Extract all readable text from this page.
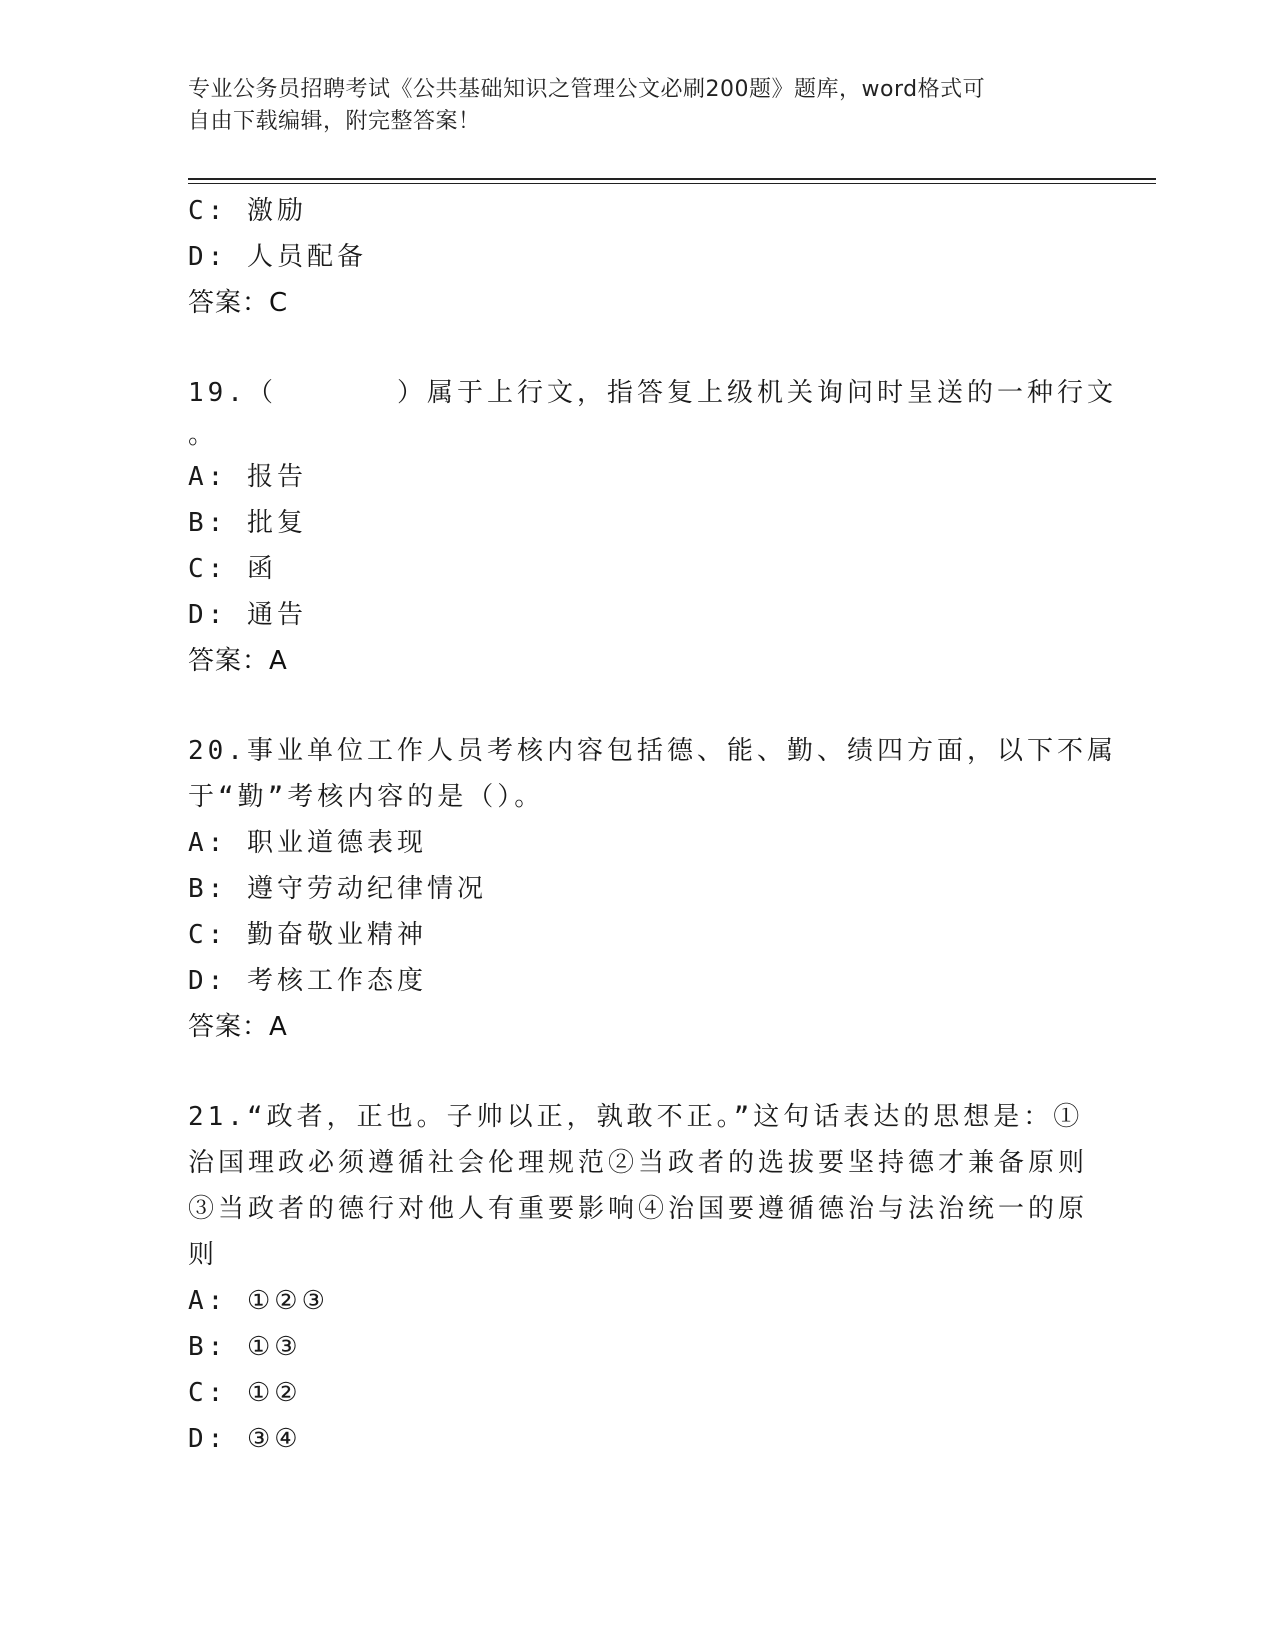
专业公务员招聘考试《公共基础知识之管理公文必刷200题》题库，word格式可
自由下载编辑，附完整答案！
C: 激励
D: 人员配备
答案：C
19.（　　　　）属于上行文，指答复上级机关询问时呈送的一种行文
。
A: 报告
B: 批复
C: 函
D: 通告
答案：A
20.事业单位工作人员考核内容包括德、能、勤、绩四方面，以下不属
于“勤”考核内容的是（）。
A: 职业道德表现
B: 遵守劳动纪律情况
C: 勤奋敬业精神
D: 考核工作态度
答案：A
21.“政者，正也。子帅以正，孰敢不正。”这句话表达的思想是：①
治国理政必须遵循社会伦理规范②当政者的选拔要坚持德才兼备原则
③当政者的德行对他人有重要影响④治国要遵循德治与法治统一的原
则
A: ①②③
B: ①③
C: ①②
D: ③④
